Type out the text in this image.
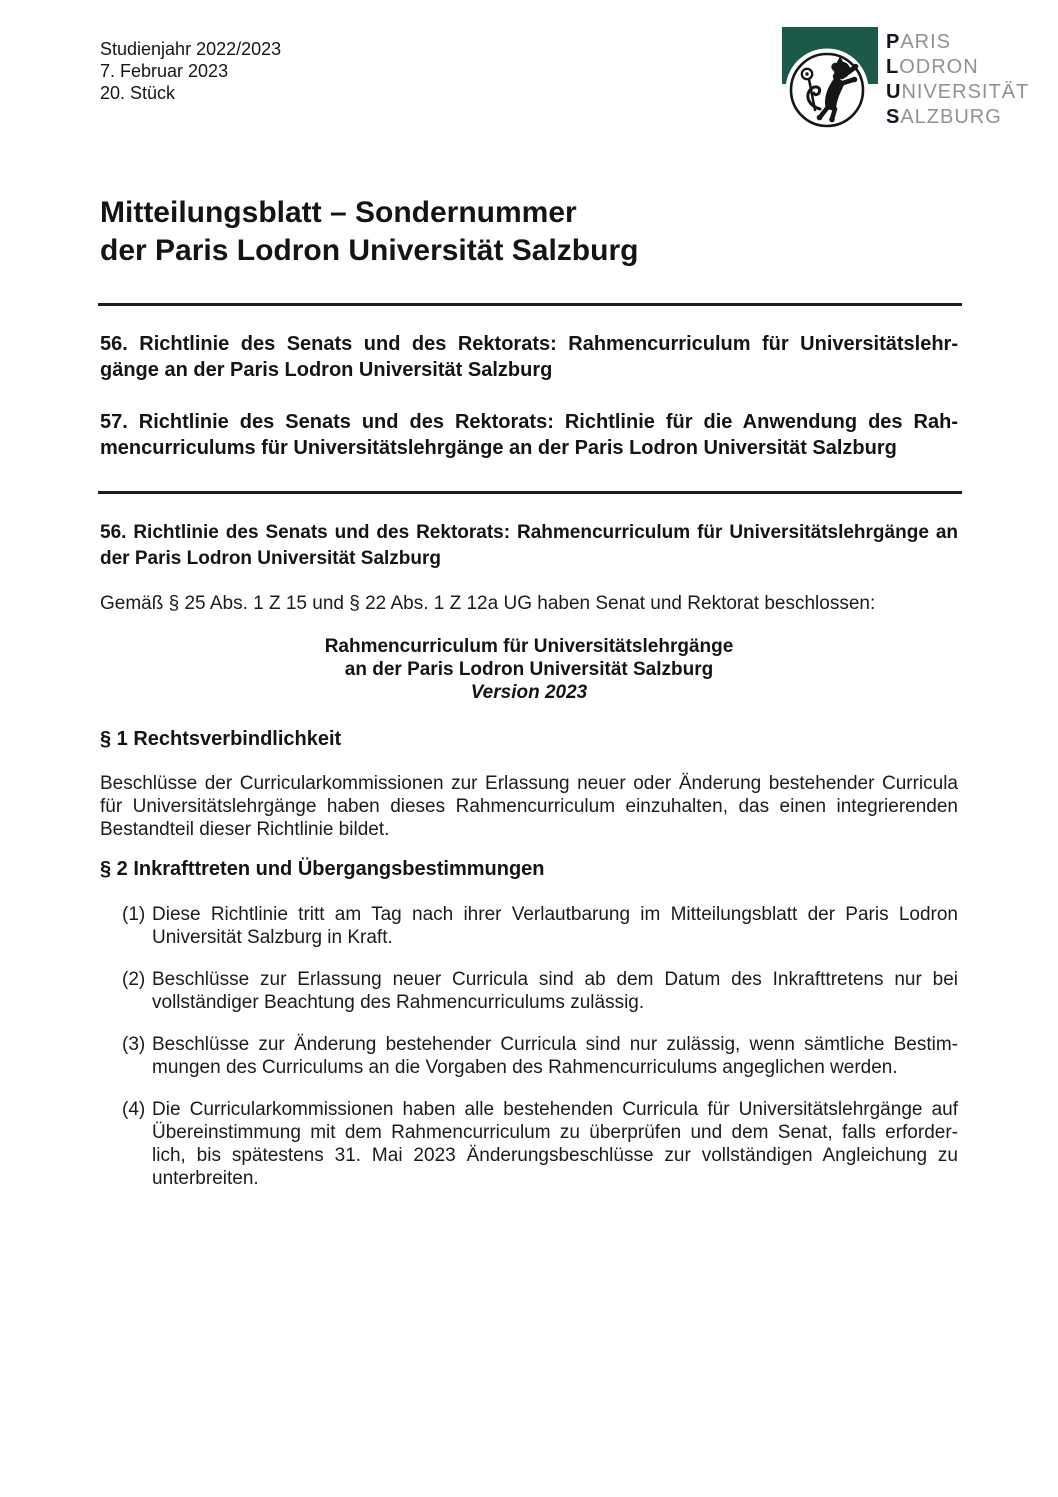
Studienjahr 2022/2023
7. Februar 2023
20. Stück
PARIS
LODRON
UNIVERSITÄT
SALZBURG
Mitteilungsblatt – Sondernummer
der Paris Lodron Universität Salzburg
56. Richtlinie des Senats und des Rektorats: Rahmencurriculum für Universitätslehr-
gänge an der Paris Lodron Universität Salzburg
57. Richtlinie des Senats und des Rektorats: Richtlinie für die Anwendung des Rah-
mencurriculums für Universitätslehrgänge an der Paris Lodron Universität Salzburg
56. Richtlinie des Senats und des Rektorats: Rahmencurriculum für Universitätslehrgänge an
der Paris Lodron Universität Salzburg
Gemäß § 25 Abs. 1 Z 15 und § 22 Abs. 1 Z 12a UG haben Senat und Rektorat beschlossen:
Rahmencurriculum für Universitätslehrgänge
an der Paris Lodron Universität Salzburg
Version 2023
§ 1 Rechtsverbindlichkeit
Beschlüsse der Curricularkommissionen zur Erlassung neuer oder Änderung bestehender Curricula
für Universitätslehrgänge haben dieses Rahmencurriculum einzuhalten, das einen integrierenden
Bestandteil dieser Richtlinie bildet.
§ 2 Inkrafttreten und Übergangsbestimmungen
(1) Diese Richtlinie tritt am Tag nach ihrer Verlautbarung im Mitteilungsblatt der Paris Lodron
Universität Salzburg in Kraft.
(2) Beschlüsse zur Erlassung neuer Curricula sind ab dem Datum des Inkrafttretens nur bei
vollständiger Beachtung des Rahmencurriculums zulässig.
(3) Beschlüsse zur Änderung bestehender Curricula sind nur zulässig, wenn sämtliche Bestim-
mungen des Curriculums an die Vorgaben des Rahmencurriculums angeglichen werden.
(4) Die Curricularkommissionen haben alle bestehenden Curricula für Universitätslehrgänge auf
Übereinstimmung mit dem Rahmencurriculum zu überprüfen und dem Senat, falls erforder-
lich, bis spätestens 31. Mai 2023 Änderungsbeschlüsse zur vollständigen Angleichung zu
unterbreiten.
